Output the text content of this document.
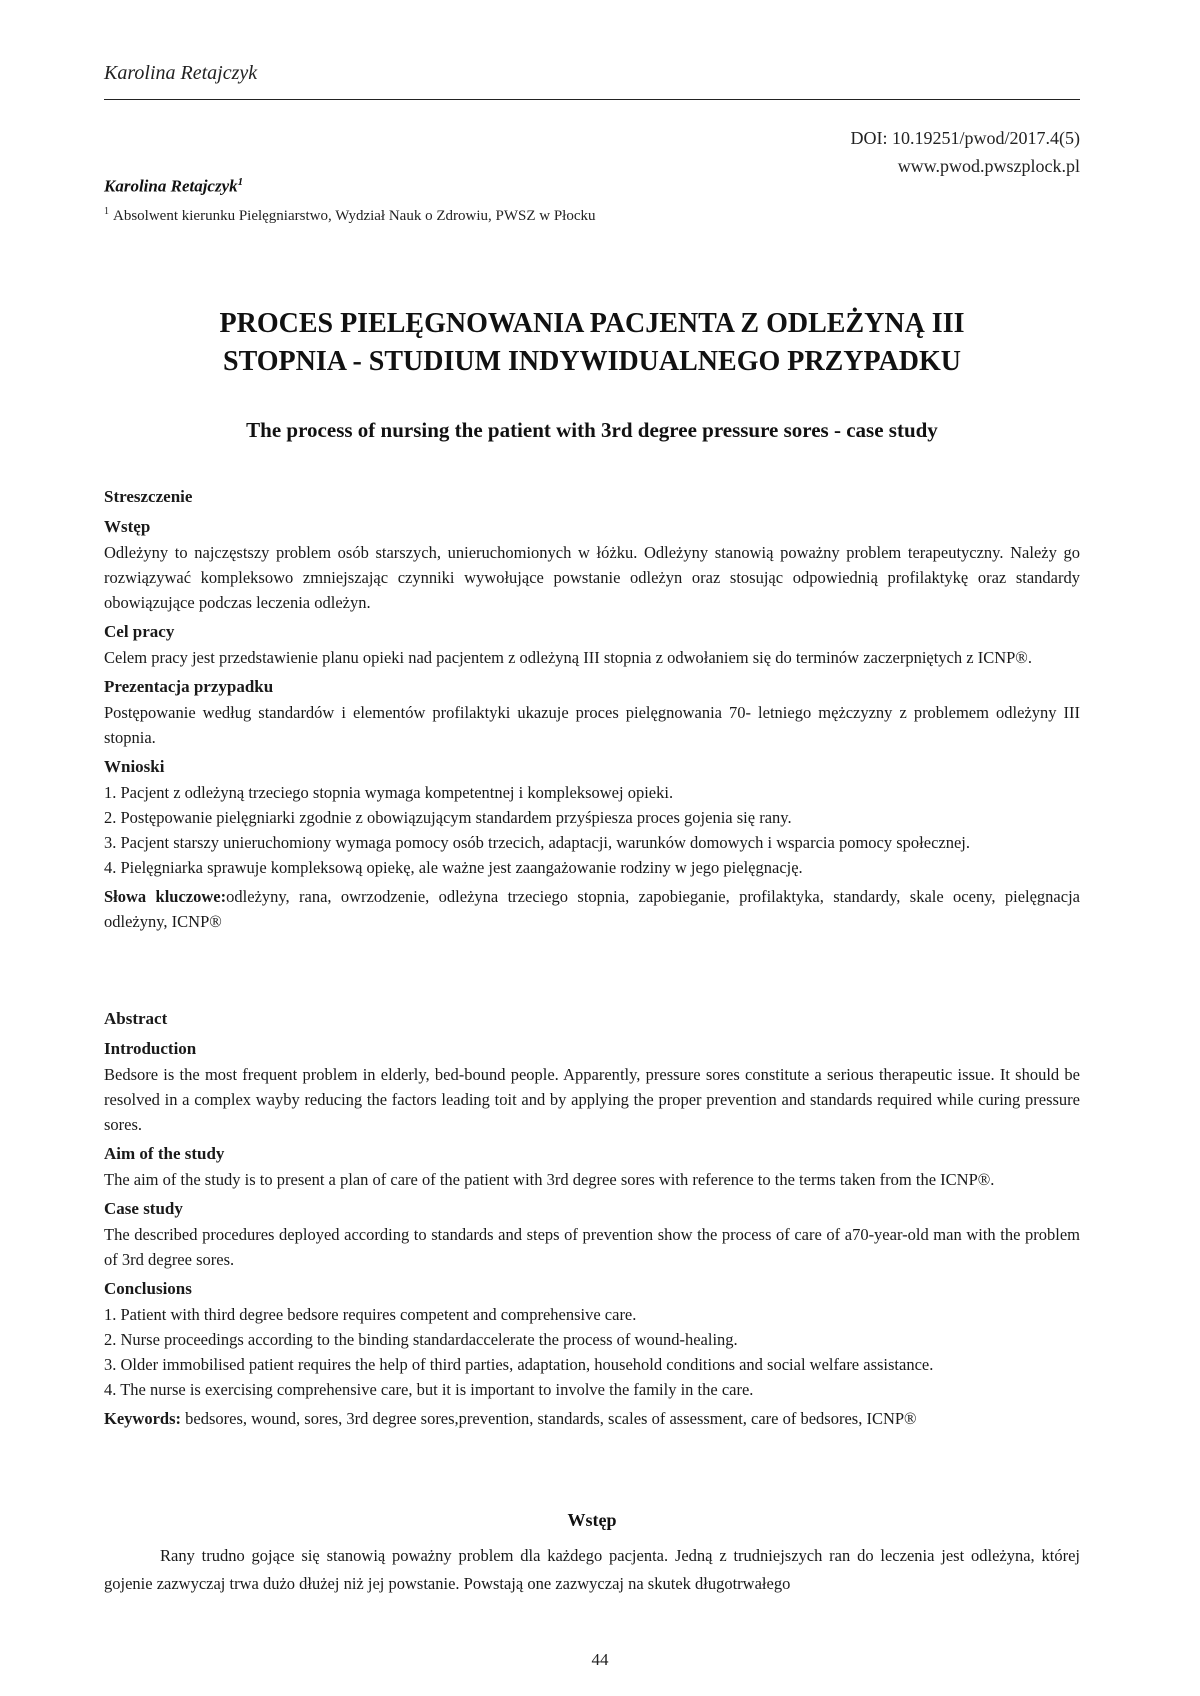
Karolina Retajczyk
DOI: 10.19251/pwod/2017.4(5)
www.pwod.pwszplock.pl
Karolina Retajczyk$^1$
$^1$ Absolwent kierunku Pielęgniarstwo, Wydział Nauk o Zdrowiu, PWSZ w Płocku
PROCES PIELĘGNOWANIA PACJENTA Z ODLEŻYNĄ III
STOPNIA - STUDIUM INDYWIDUALNEGO PRZYPADKU
The process of nursing the patient with 3rd degree pressure sores - case study

Streszczenie

Wstęp

Odleżyny to najczęstszy problem osób starszych, unieruchomionych w łóżku. Odleżyny stanowią poważny problem terapeutyczny. Należy go rozwiązywać kompleksowo zmniejszając czynniki wywołujące powstanie odleżyn oraz stosując odpowiednią profilaktykę oraz standardy obowiązujące podczas leczenia odleżyn.

Cel pracy

Celem pracy jest przedstawienie planu opieki nad pacjentem z odleżyną III stopnia z odwołaniem się do terminów zaczerpniętych z ICNP®.

Prezentacja przypadku

Postępowanie według standardów i elementów profilaktyki ukazuje proces pielęgnowania 70- letniego mężczyzny z problemem odleżyny III stopnia.

Wnioski

1. Pacjent z odleżyną trzeciego stopnia wymaga kompetentnej i kompleksowej opieki.
2. Postępowanie pielęgniarki zgodnie z obowiązującym standardem przyśpiesza proces gojenia się rany.
3. Pacjent starszy unieruchomiony wymaga pomocy osób trzecich, adaptacji, warunków domowych i wsparcia pomocy społecznej.
4. Pielęgniarka sprawuje kompleksową opiekę, ale ważne jest zaangażowanie rodziny w jego pielęgnację.

Słowa kluczowe:odleżyny, rana, owrzodzenie, odleżyna trzeciego stopnia, zapobieganie, profilaktyka, standardy, skale oceny, pielęgnacja odleżyny, ICNP®

Abstract

Introduction

Bedsore is the most frequent problem in elderly, bed-bound people. Apparently, pressure sores constitute a serious therapeutic issue. It should be resolved in a complex wayby reducing the factors leading toit and by applying the proper prevention and standards required while curing pressure sores.

Aim of the study

The aim of the study is to present a plan of care of the patient with 3rd degree sores with reference to the terms taken from the ICNP®.

Case study

The described procedures deployed according to standards and steps of prevention show the process of care of a70-year-old man with the problem of 3rd degree sores.

Conclusions

1. Patient with third degree bedsore requires competent and comprehensive care.
2. Nurse proceedings according to the binding standardaccelerate the process of wound-healing.
3. Older immobilised patient requires the help of third parties, adaptation, household conditions and social welfare assistance.
4. The nurse is exercising comprehensive care, but it is important to involve the family in the care.

Keywords: bedsores, wound, sores, 3rd degree sores,prevention, standards, scales of assessment, care of bedsores, ICNP®

Wstęp

Rany trudno gojące się stanowią poważny problem dla każdego pacjenta. Jedną z trudniejszych ran do leczenia jest odleżyna, której gojenie zazwyczaj trwa dużo dłużej niż jej powstanie. Powstają one zazwyczaj na skutek długotrwałego

44
